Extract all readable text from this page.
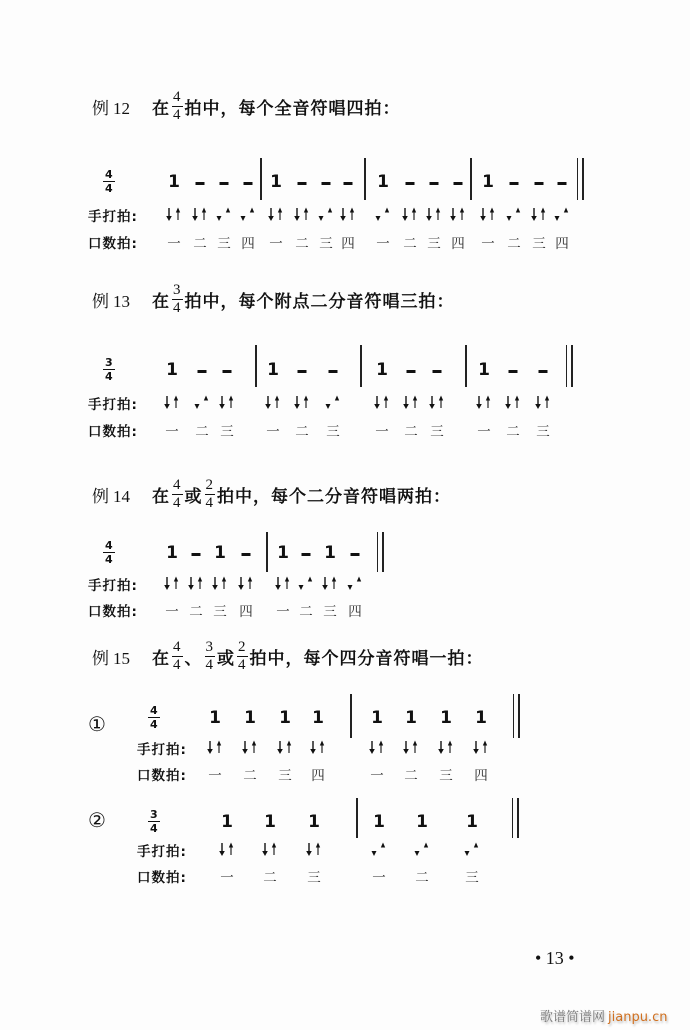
例 12 在 $\frac{4}{4}$ 拍中，每个全音符唱四拍：
$\frac{4}{4}$
手打拍:
口数拍:
1
一 二 三 四
1
一 二 三 四
1
一 二 三 四
1
一 二 三 四
例 13 在 $\frac{3}{4}$ 拍中，每个附点二分音符唱三拍：
$\frac{3}{4}$
手打拍:
口数拍:
1
一 二 三
1
一 二 三
1
一 二 三
1
一 二 三
例 14 在 $\frac{4}{4}$ 或 $\frac{2}{4}$ 拍中，每个二分音符唱两拍：
$\frac{4}{4}$
手打拍:
口数拍:
1
一 二
1
三 四
1
一 二
1
三 四
例 15 在 $\frac{4}{4}$ 、 $\frac{3}{4}$ 或 $\frac{2}{4}$ 拍中，每个四分音符唱一拍：
①	$\frac{4}{4}$
手打拍:
口数拍:
1
一
1
二
1
三
1
四
1
一
1
二
1
三
1
四
②	$\frac{3}{4}$
手打拍:
口数拍:
1
一
1
二
1
三
1
一
1
二
1
三
• 13 •
歌谱简谱网 jianpu.cn
